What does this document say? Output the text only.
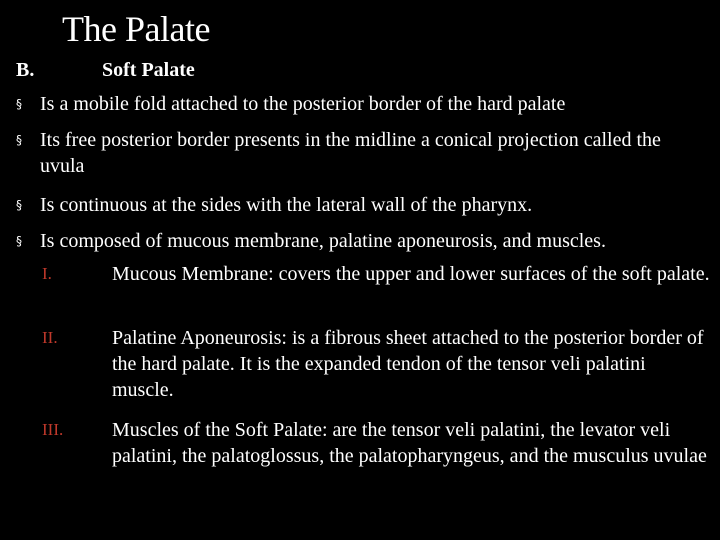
The Palate
B.	Soft Palate
§ Is a mobile fold attached to the posterior border of the hard palate
§ Its free posterior border presents in the midline a conical projection called the uvula
§ Is continuous at the sides with the lateral wall of the pharynx.
§ Is composed of mucous membrane, palatine aponeurosis, and muscles.
I.	Mucous Membrane: covers the upper and lower surfaces of the soft palate.
II.	Palatine Aponeurosis: is a fibrous sheet attached to the posterior border of the hard palate. It is the expanded tendon of the tensor veli palatini muscle.
III. Muscles of the Soft Palate: are the tensor veli palatini, the levator veli palatini, the palatoglossus, the palatopharyngeus, and the musculus uvulae
